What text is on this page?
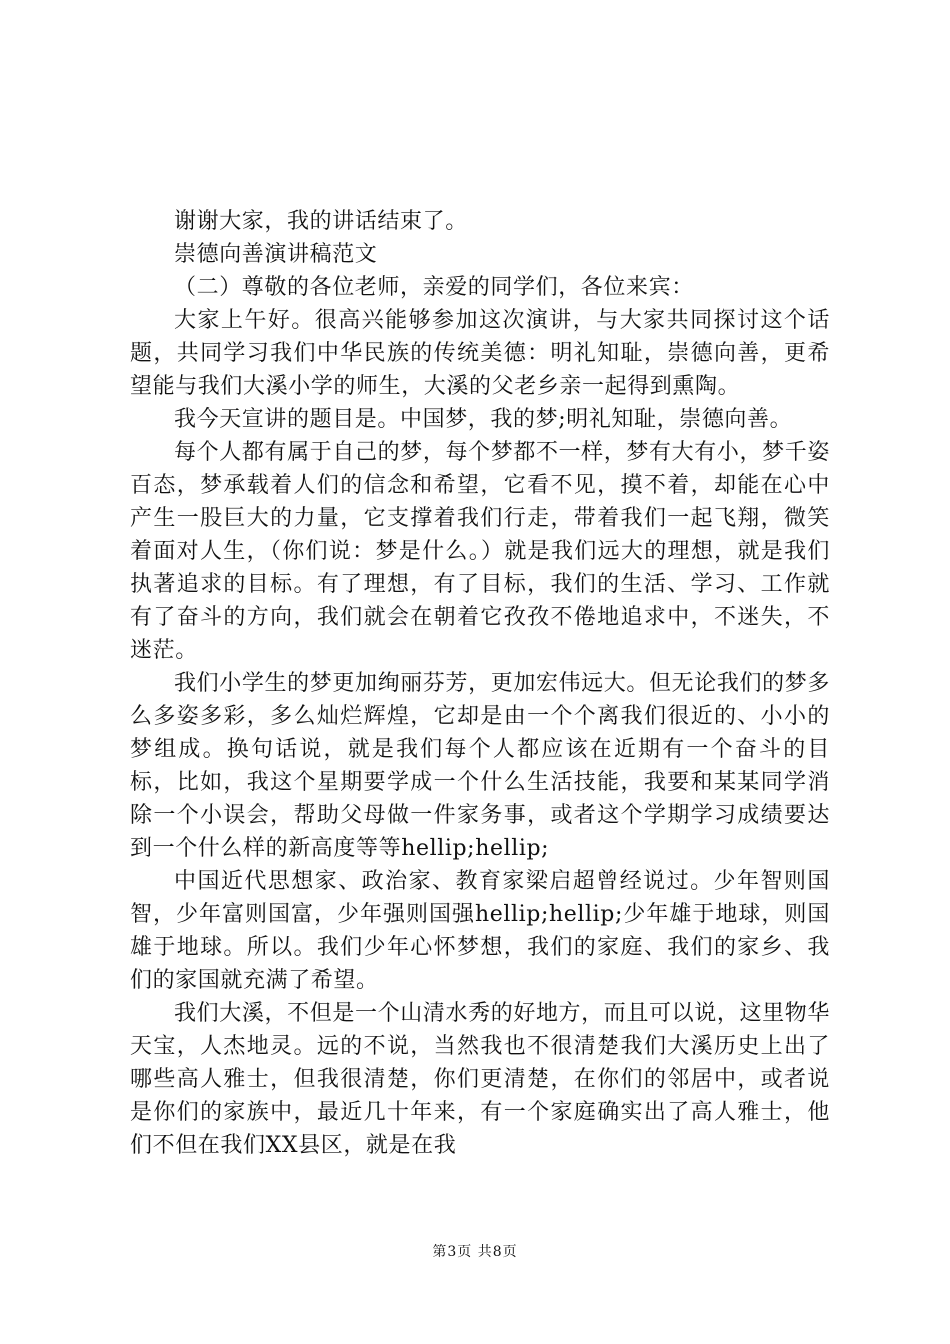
谢谢大家，我的讲话结束了。

崇德向善演讲稿范文

（二）尊敬的各位老师，亲爱的同学们，各位来宾：

大家上午好。很高兴能够参加这次演讲，与大家共同探讨这个话题，共同学习我们中华民族的传统美德：明礼知耻，崇德向善，更希望能与我们大溪小学的师生，大溪的父老乡亲一起得到熏陶。

我今天宣讲的题目是。中国梦，我的梦;明礼知耻，崇德向善。

每个人都有属于自己的梦，每个梦都不一样，梦有大有小，梦千姿百态，梦承载着人们的信念和希望，它看不见，摸不着，却能在心中产生一股巨大的力量，它支撑着我们行走，带着我们一起飞翔，微笑着面对人生，（你们说：梦是什么。）就是我们远大的理想，就是我们执著追求的目标。有了理想，有了目标，我们的生活、学习、工作就有了奋斗的方向，我们就会在朝着它孜孜不倦地追求中，不迷失，不迷茫。

我们小学生的梦更加绚丽芬芳，更加宏伟远大。但无论我们的梦多么多姿多彩，多么灿烂辉煌，它却是由一个个离我们很近的、小小的梦组成。换句话说，就是我们每个人都应该在近期有一个奋斗的目标，比如，我这个星期要学成一个什么生活技能，我要和某某同学消除一个小误会，帮助父母做一件家务事，或者这个学期学习成绩要达到一个什么样的新高度等等hellip;hellip;

中国近代思想家、政治家、教育家梁启超曾经说过。少年智则国智，少年富则国富，少年强则国强hellip;hellip;少年雄于地球，则国雄于地球。所以。我们少年心怀梦想，我们的家庭、我们的家乡、我们的家国就充满了希望。

我们大溪，不但是一个山清水秀的好地方，而且可以说，这里物华天宝，人杰地灵。远的不说，当然我也不很清楚我们大溪历史上出了哪些高人雅士，但我很清楚，你们更清楚，在你们的邻居中，或者说是你们的家族中，最近几十年来，有一个家庭确实出了高人雅士，他们不但在我们XX县区，就是在我

第3页 共8页
